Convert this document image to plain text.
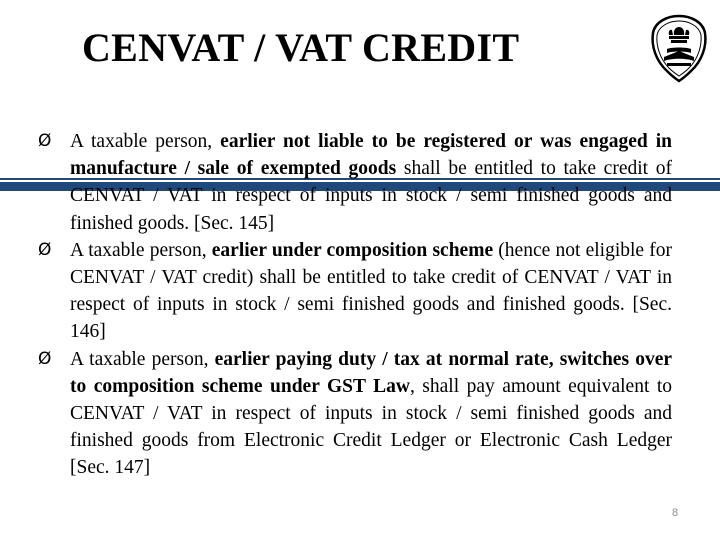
CENVAT / VAT CREDIT
Ø A taxable person, earlier not liable to be registered or was engaged in manufacture / sale of exempted goods shall be entitled to take credit of CENVAT / VAT in respect of inputs in stock / semi finished goods and finished goods. [Sec. 145]
Ø A taxable person, earlier under composition scheme (hence not eligible for CENVAT / VAT credit) shall be entitled to take credit of CENVAT / VAT in respect of inputs in stock / semi finished goods and finished goods. [Sec. 146]
Ø A taxable person, earlier paying duty / tax at normal rate, switches over to composition scheme under GST Law, shall pay amount equivalent to CENVAT / VAT in respect of inputs in stock / semi finished goods and finished goods from Electronic Credit Ledger or Electronic Cash Ledger [Sec. 147]
8
